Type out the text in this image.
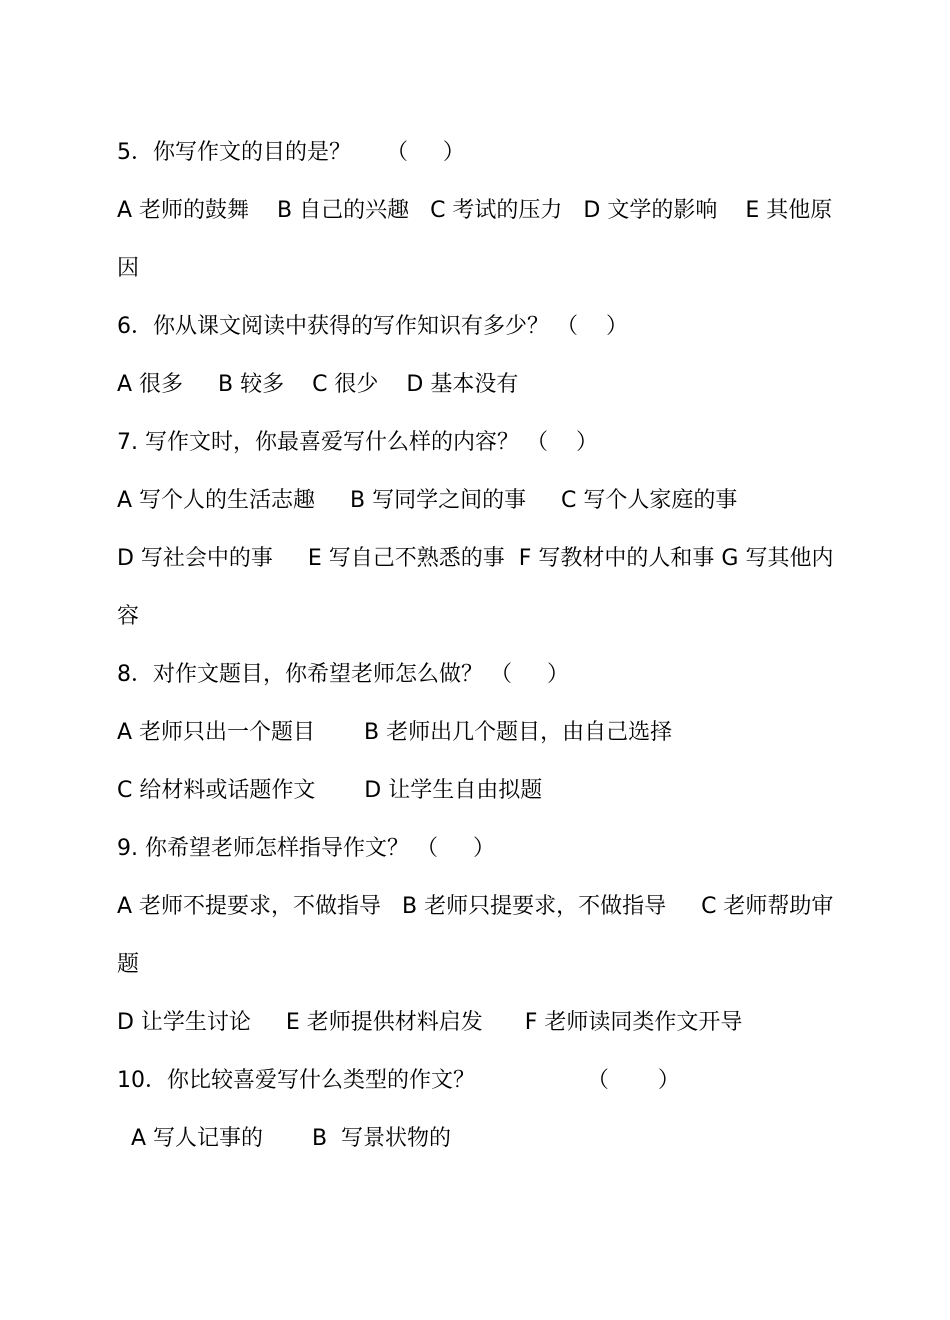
5．你写作文的目的是？     （     ）
A 老师的鼓舞    B 自己的兴趣   C 考试的压力   D 文学的影响    E 其他原
因
6．你从课文阅读中获得的写作知识有多少？ （    ）
A 很多     B 较多    C 很少    D 基本没有
7. 写作文时，你最喜爱写什么样的内容？ （    ）
A 写个人的生活志趣     B 写同学之间的事     C 写个人家庭的事
D 写社会中的事     E 写自己不熟悉的事  F 写教材中的人和事 G 写其他内
容
8．对作文题目，你希望老师怎么做？ （     ）
A 老师只出一个题目       B 老师出几个题目，由自己选择
C 给材料或话题作文       D 让学生自由拟题
9. 你希望老师怎样指导作文？ （     ）
A 老师不提要求，不做指导   B 老师只提要求，不做指导     C 老师帮助审
题
D 让学生讨论     E 老师提供材料启发      F 老师读同类作文开导
10．你比较喜爱写什么类型的作文？                （       ）
A 写人记事的       B  写景状物的
